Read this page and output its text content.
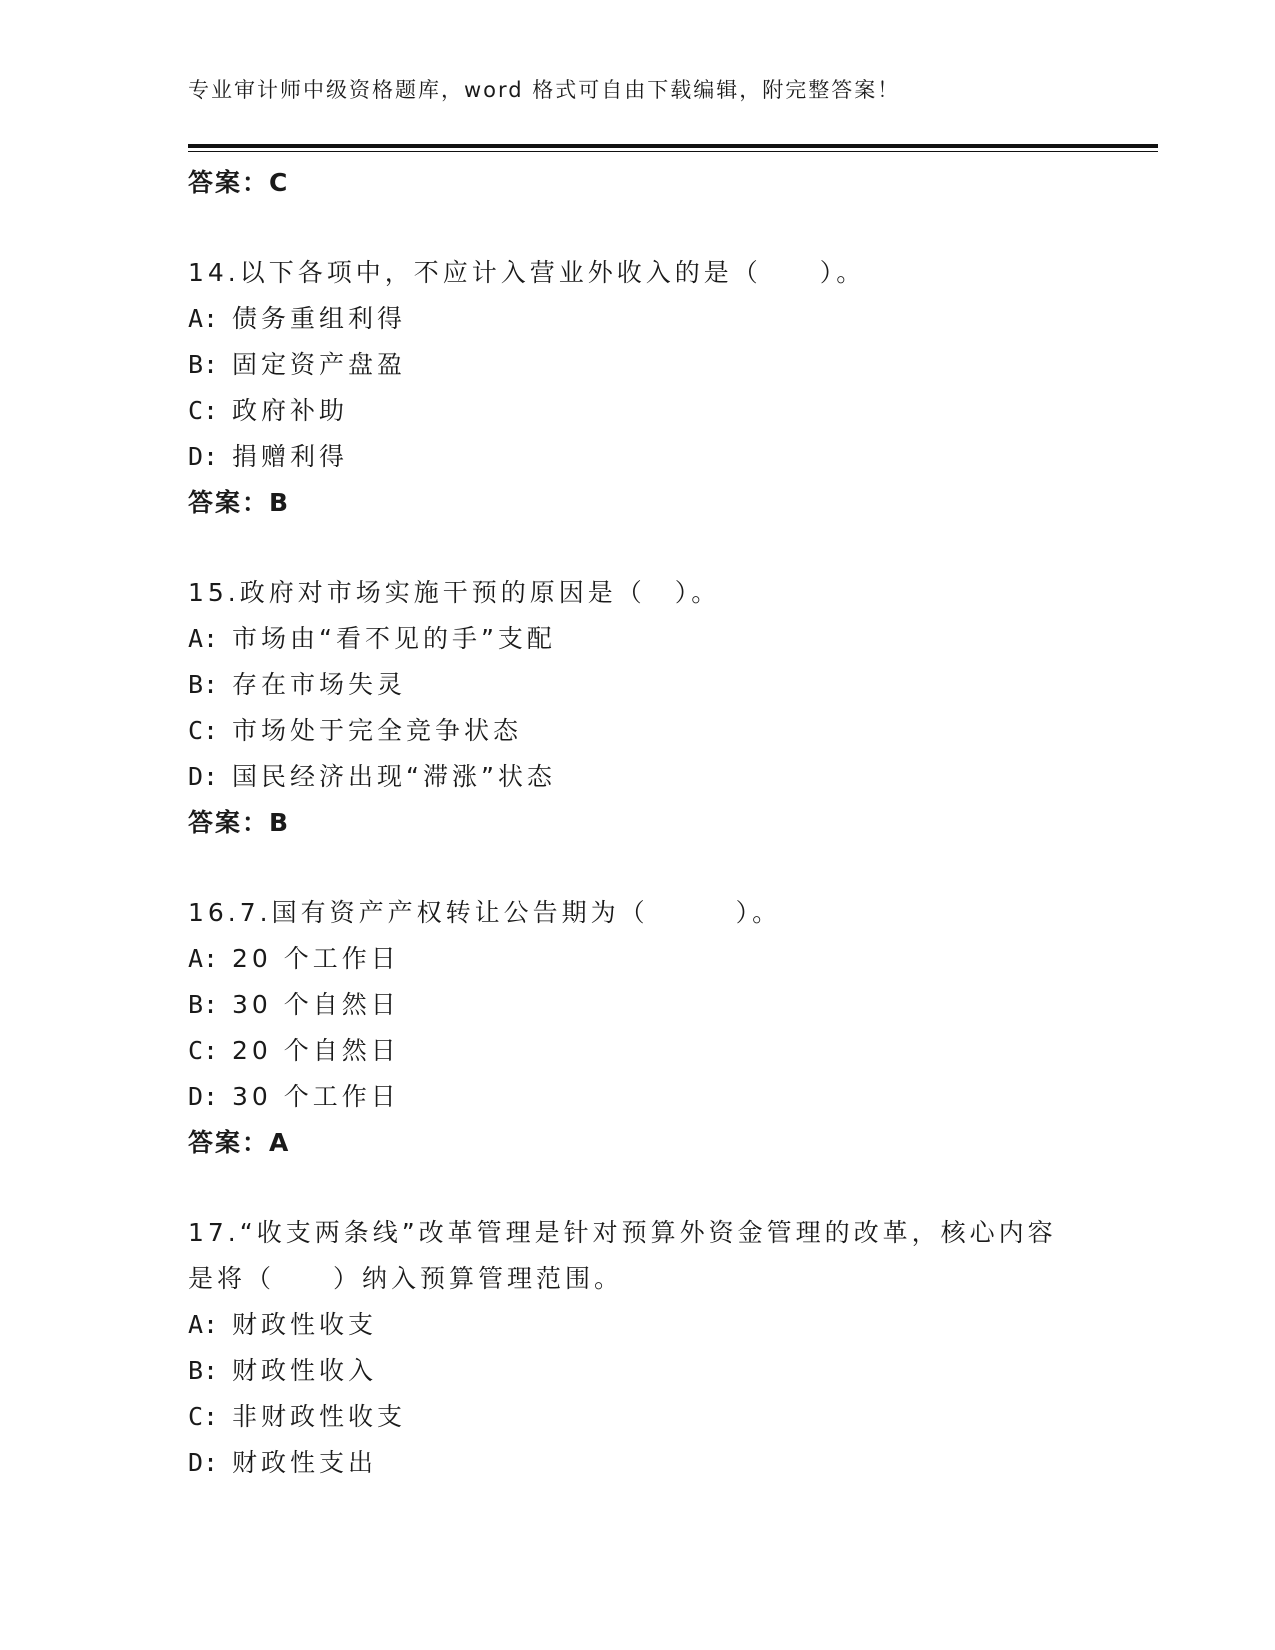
专业审计师中级资格题库，word 格式可自由下载编辑，附完整答案！
答案：C
14.以下各项中，不应计入营业外收入的是（　　）。
A: 债务重组利得
B: 固定资产盘盈
C: 政府补助
D: 捐赠利得
答案：B
15.政府对市场实施干预的原因是（　）。
A: 市场由“看不见的手”支配
B: 存在市场失灵
C: 市场处于完全竞争状态
D: 国民经济出现“滞涨”状态
答案：B
16.7.国有资产产权转让公告期为（　　　）。
A: 20 个工作日
B: 30 个自然日
C: 20 个自然日
D: 30 个工作日
答案：A
17.“收支两条线”改革管理是针对预算外资金管理的改革，核心内容
是将（　　）纳入预算管理范围。
A: 财政性收支
B: 财政性收入
C: 非财政性收支
D: 财政性支出
